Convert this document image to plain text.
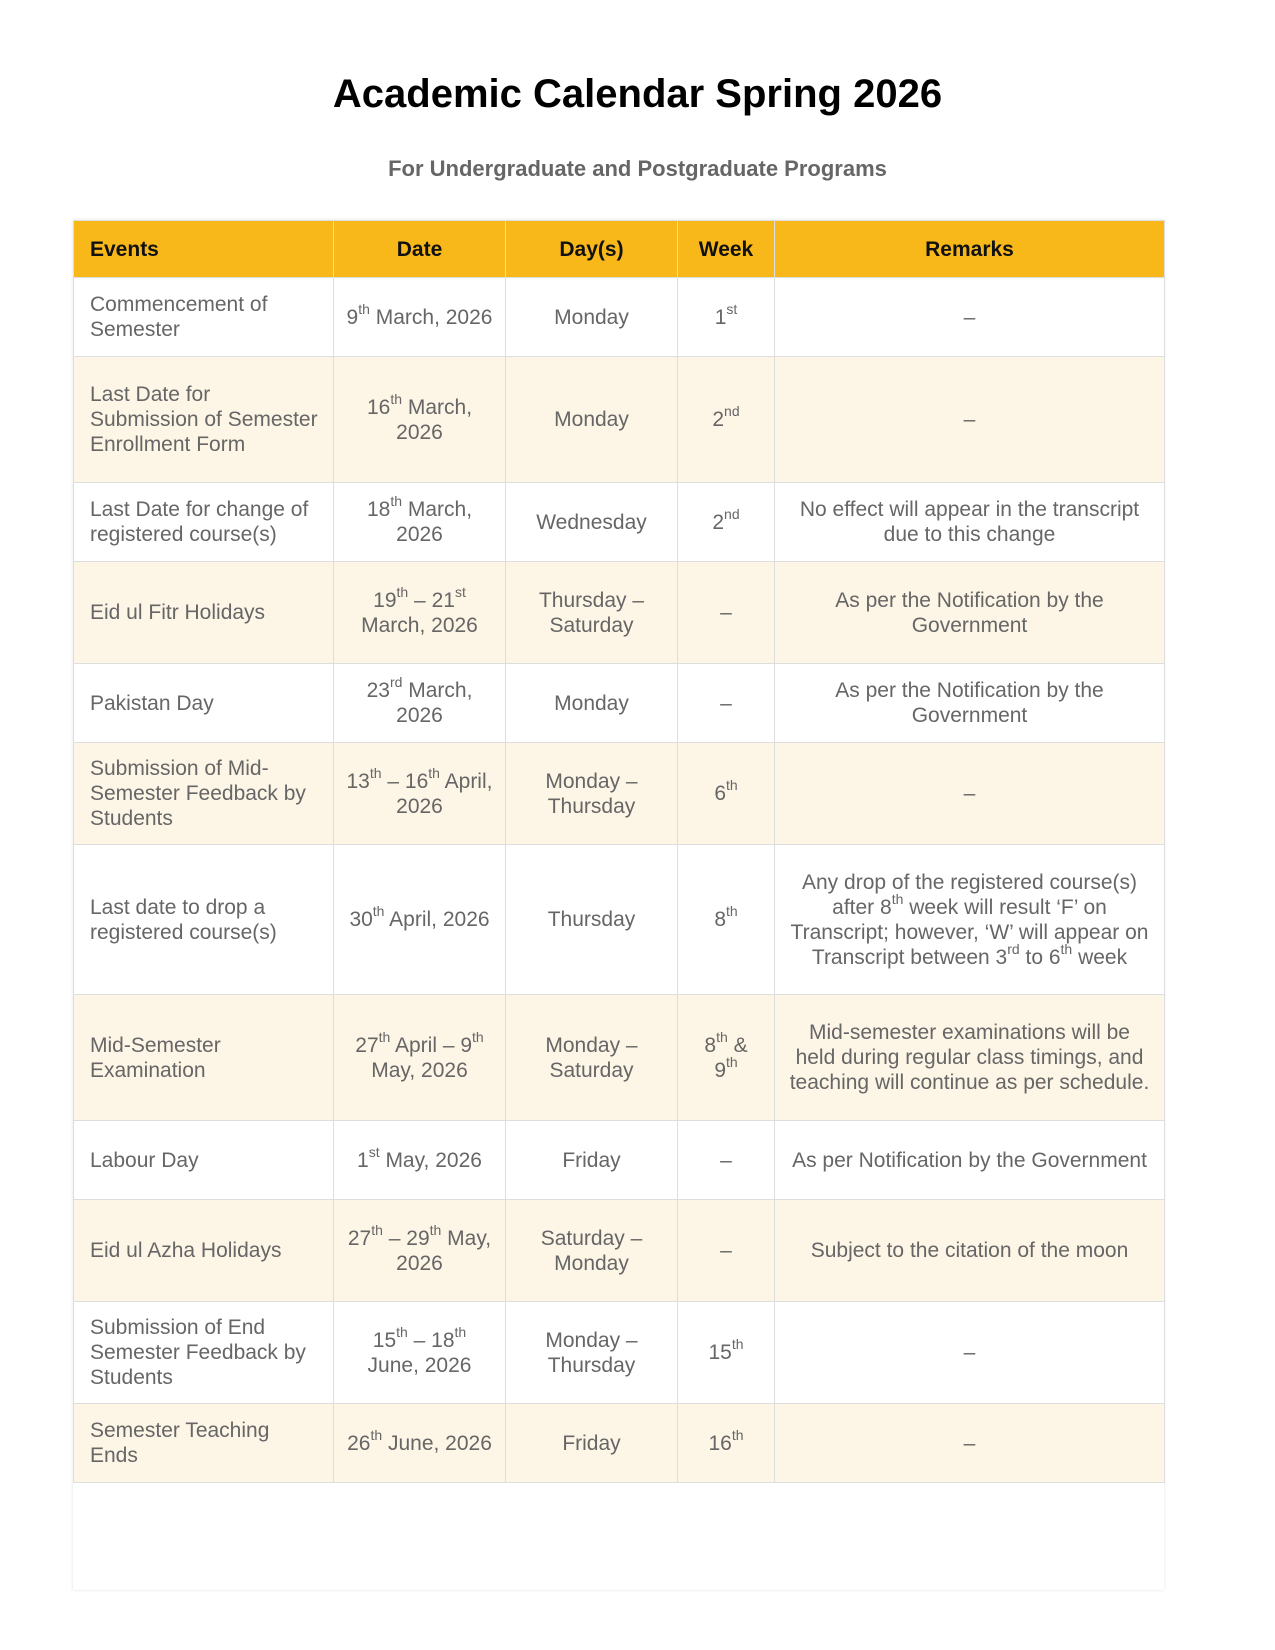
Academic Calendar Spring 2026

For Undergraduate and Postgraduate Programs

Events	Date	Day(s)	Week	Remarks
Commencement of Semester	9th March, 2026	Monday	1st	–
Last Date for Submission of Semester Enrollment Form	16th March, 2026	Monday	2nd	–
Last Date for change of registered course(s)	18th March, 2026	Wednesday	2nd	No effect will appear in the transcript due to this change
Eid ul Fitr Holidays	19th – 21st March, 2026	Thursday – Saturday	–	As per the Notification by the Government
Pakistan Day	23rd March, 2026	Monday	–	As per the Notification by the Government
Submission of Mid-Semester Feedback by Students	13th – 16th April, 2026	Monday – Thursday	6th	–
Last date to drop a registered course(s)	30th April, 2026	Thursday	8th	Any drop of the registered course(s) after 8th week will result ‘F’ on Transcript; however, ‘W’ will appear on Transcript between 3rd to 6th week
Mid-Semester Examination	27th April – 9th May, 2026	Monday – Saturday	8th & 9th	Mid-semester examinations will be held during regular class timings, and teaching will continue as per schedule.
Labour Day	1st May, 2026	Friday	–	As per Notification by the Government
Eid ul Azha Holidays	27th – 29th May, 2026	Saturday – Monday	–	Subject to the citation of the moon
Submission of End Semester Feedback by Students	15th – 18th June, 2026	Monday – Thursday	15th	–
Semester Teaching Ends	26th June, 2026	Friday	16th	–
